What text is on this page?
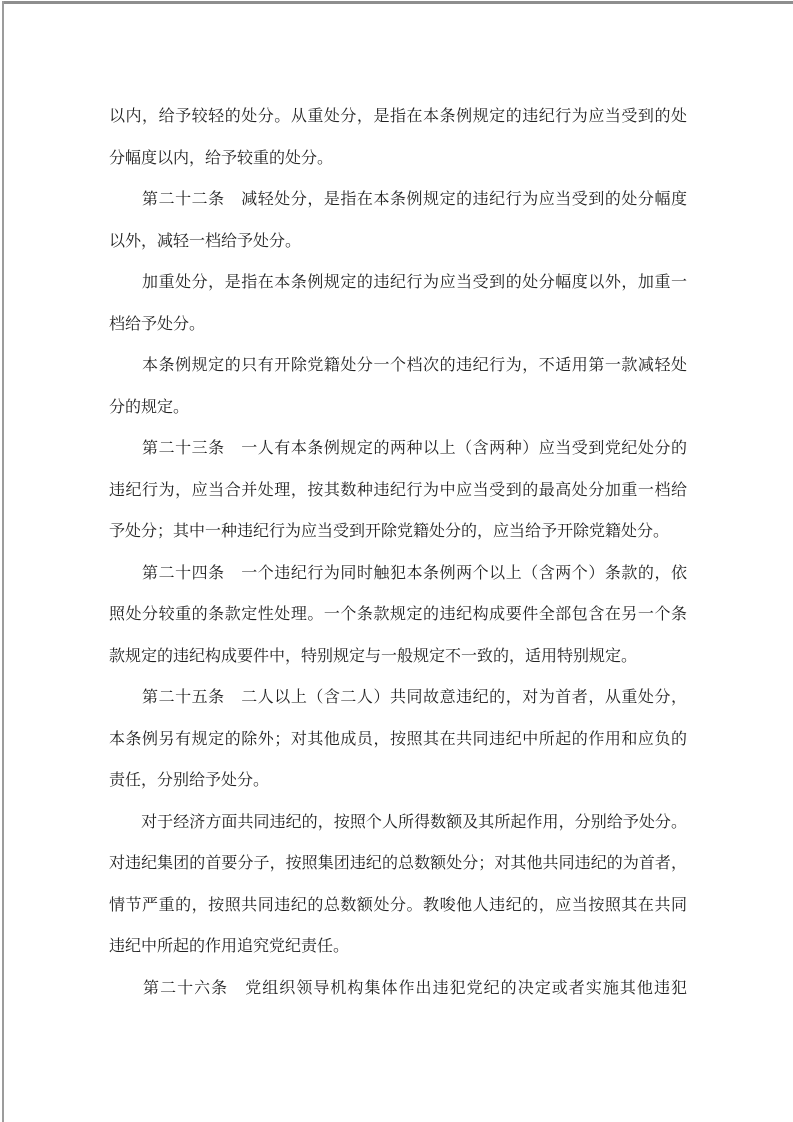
以内，给予较轻的处分。从重处分，是指在本条例规定的违纪行为应当受到的处
分幅度以内，给予较重的处分。

　　第二十二条　减轻处分，是指在本条例规定的违纪行为应当受到的处分幅度
以外，减轻一档给予处分。

　　加重处分，是指在本条例规定的违纪行为应当受到的处分幅度以外，加重一
档给予处分。

　　本条例规定的只有开除党籍处分一个档次的违纪行为，不适用第一款减轻处
分的规定。

　　第二十三条　一人有本条例规定的两种以上（含两种）应当受到党纪处分的
违纪行为，应当合并处理，按其数种违纪行为中应当受到的最高处分加重一档给
予处分；其中一种违纪行为应当受到开除党籍处分的，应当给予开除党籍处分。

　　第二十四条　一个违纪行为同时触犯本条例两个以上（含两个）条款的，依
照处分较重的条款定性处理。一个条款规定的违纪构成要件全部包含在另一个条
款规定的违纪构成要件中，特别规定与一般规定不一致的，适用特别规定。

　　第二十五条　二人以上（含二人）共同故意违纪的，对为首者，从重处分，
本条例另有规定的除外；对其他成员，按照其在共同违纪中所起的作用和应负的
责任，分别给予处分。

　　对于经济方面共同违纪的，按照个人所得数额及其所起作用，分别给予处分。
对违纪集团的首要分子，按照集团违纪的总数额处分；对其他共同违纪的为首者，
情节严重的，按照共同违纪的总数额处分。教唆他人违纪的，应当按照其在共同
违纪中所起的作用追究党纪责任。

　　第二十六条　党组织领导机构集体作出违犯党纪的决定或者实施其他违犯
